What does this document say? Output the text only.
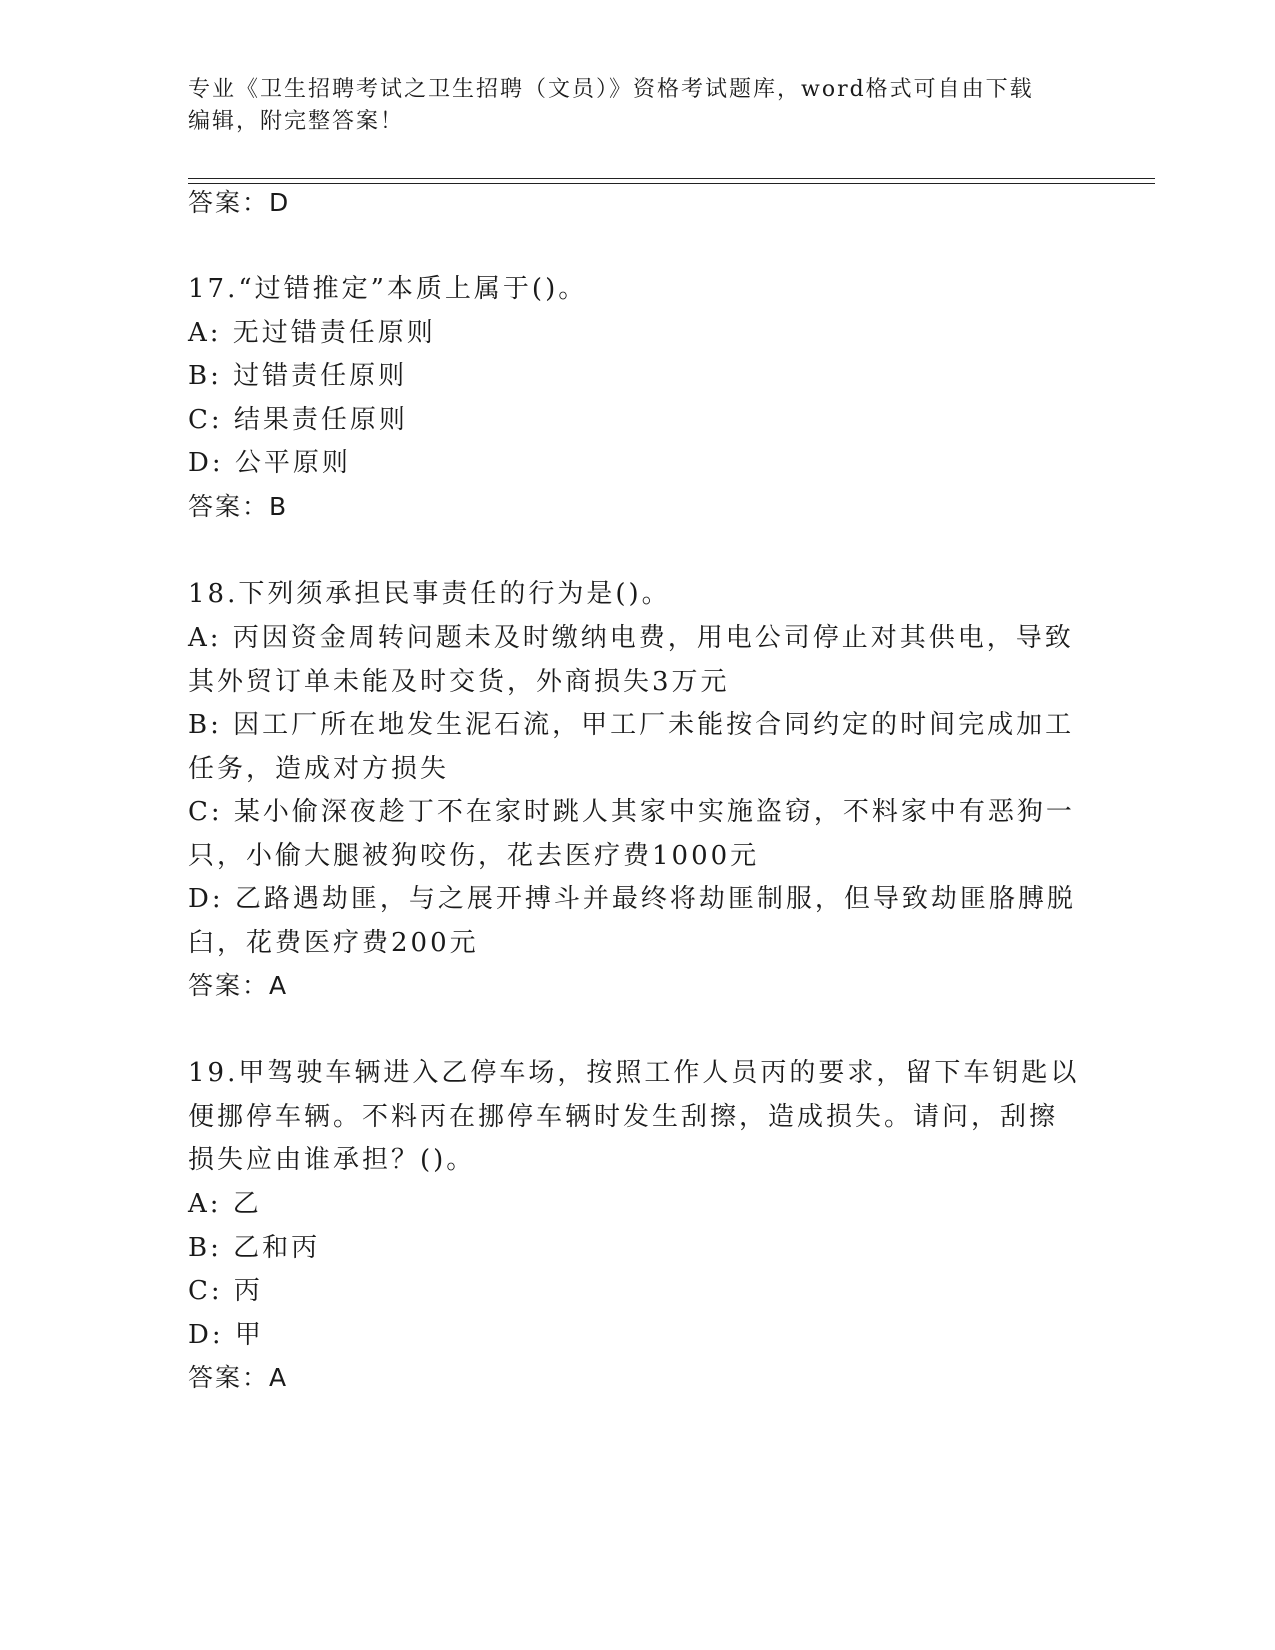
专业《卫生招聘考试之卫生招聘（文员）》资格考试题库，word格式可自由下载
编辑，附完整答案！
答案：D
17.“过错推定”本质上属于()。
A: 无过错责任原则
B: 过错责任原则
C: 结果责任原则
D: 公平原则
答案：B
18.下列须承担民事责任的行为是()。
A: 丙因资金周转问题未及时缴纳电费，用电公司停止对其供电，导致
其外贸订单未能及时交货，外商损失3万元
B: 因工厂所在地发生泥石流，甲工厂未能按合同约定的时间完成加工
任务，造成对方损失
C: 某小偷深夜趁丁不在家时跳人其家中实施盗窃，不料家中有恶狗一
只，小偷大腿被狗咬伤，花去医疗费1000元
D: 乙路遇劫匪，与之展开搏斗并最终将劫匪制服，但导致劫匪胳膊脱
臼，花费医疗费200元
答案：A
19.甲驾驶车辆进入乙停车场，按照工作人员丙的要求，留下车钥匙以
便挪停车辆。不料丙在挪停车辆时发生刮擦，造成损失。请问，刮擦
损失应由谁承担？()。
A: 乙
B: 乙和丙
C: 丙
D: 甲
答案：A
